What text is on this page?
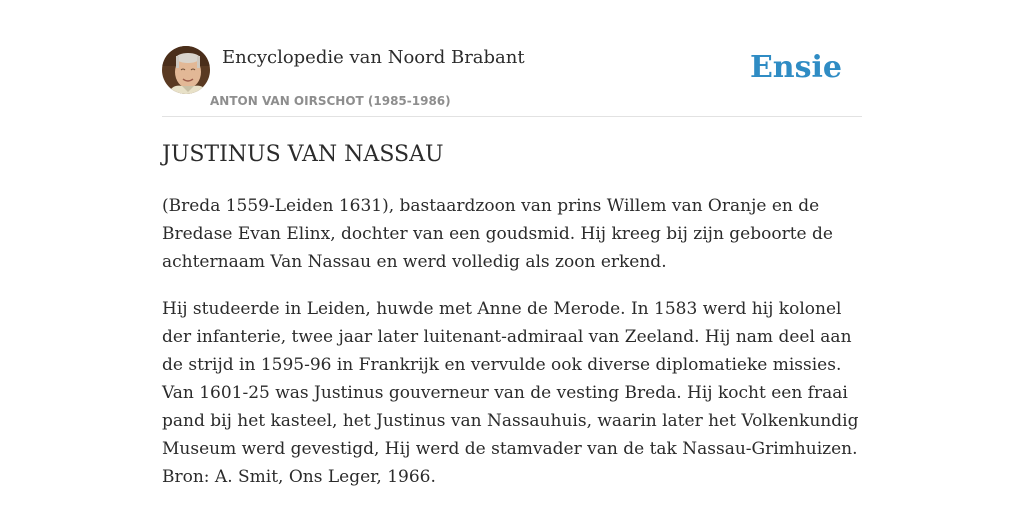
Encyclopedie van Noord Brabant
ANTON VAN OIRSCHOT (1985-1986)
Ensie
JUSTINUS VAN NASSAU

(Breda 1559-Leiden 1631), bastaardzoon van prins Willem van Oranje en de Bredase Evan Elinx, dochter van een goudsmid. Hij kreeg bij zijn geboorte de achternaam Van Nassau en werd volledig als zoon erkend.

Hij studeerde in Leiden, huwde met Anne de Merode. In 1583 werd hij kolonel der infanterie, twee jaar later luitenant-admiraal van Zeeland. Hij nam deel aan de strijd in 1595-96 in Frankrijk en vervulde ook diverse diplomatieke missies. Van 1601-25 was Justinus gouverneur van de vesting Breda. Hij kocht een fraai pand bij het kasteel, het Justinus van Nassauhuis, waarin later het Volkenkundig Museum werd gevestigd, Hij werd de stamvader van de tak Nassau-Grimhuizen. Bron: A. Smit, Ons Leger, 1966.
